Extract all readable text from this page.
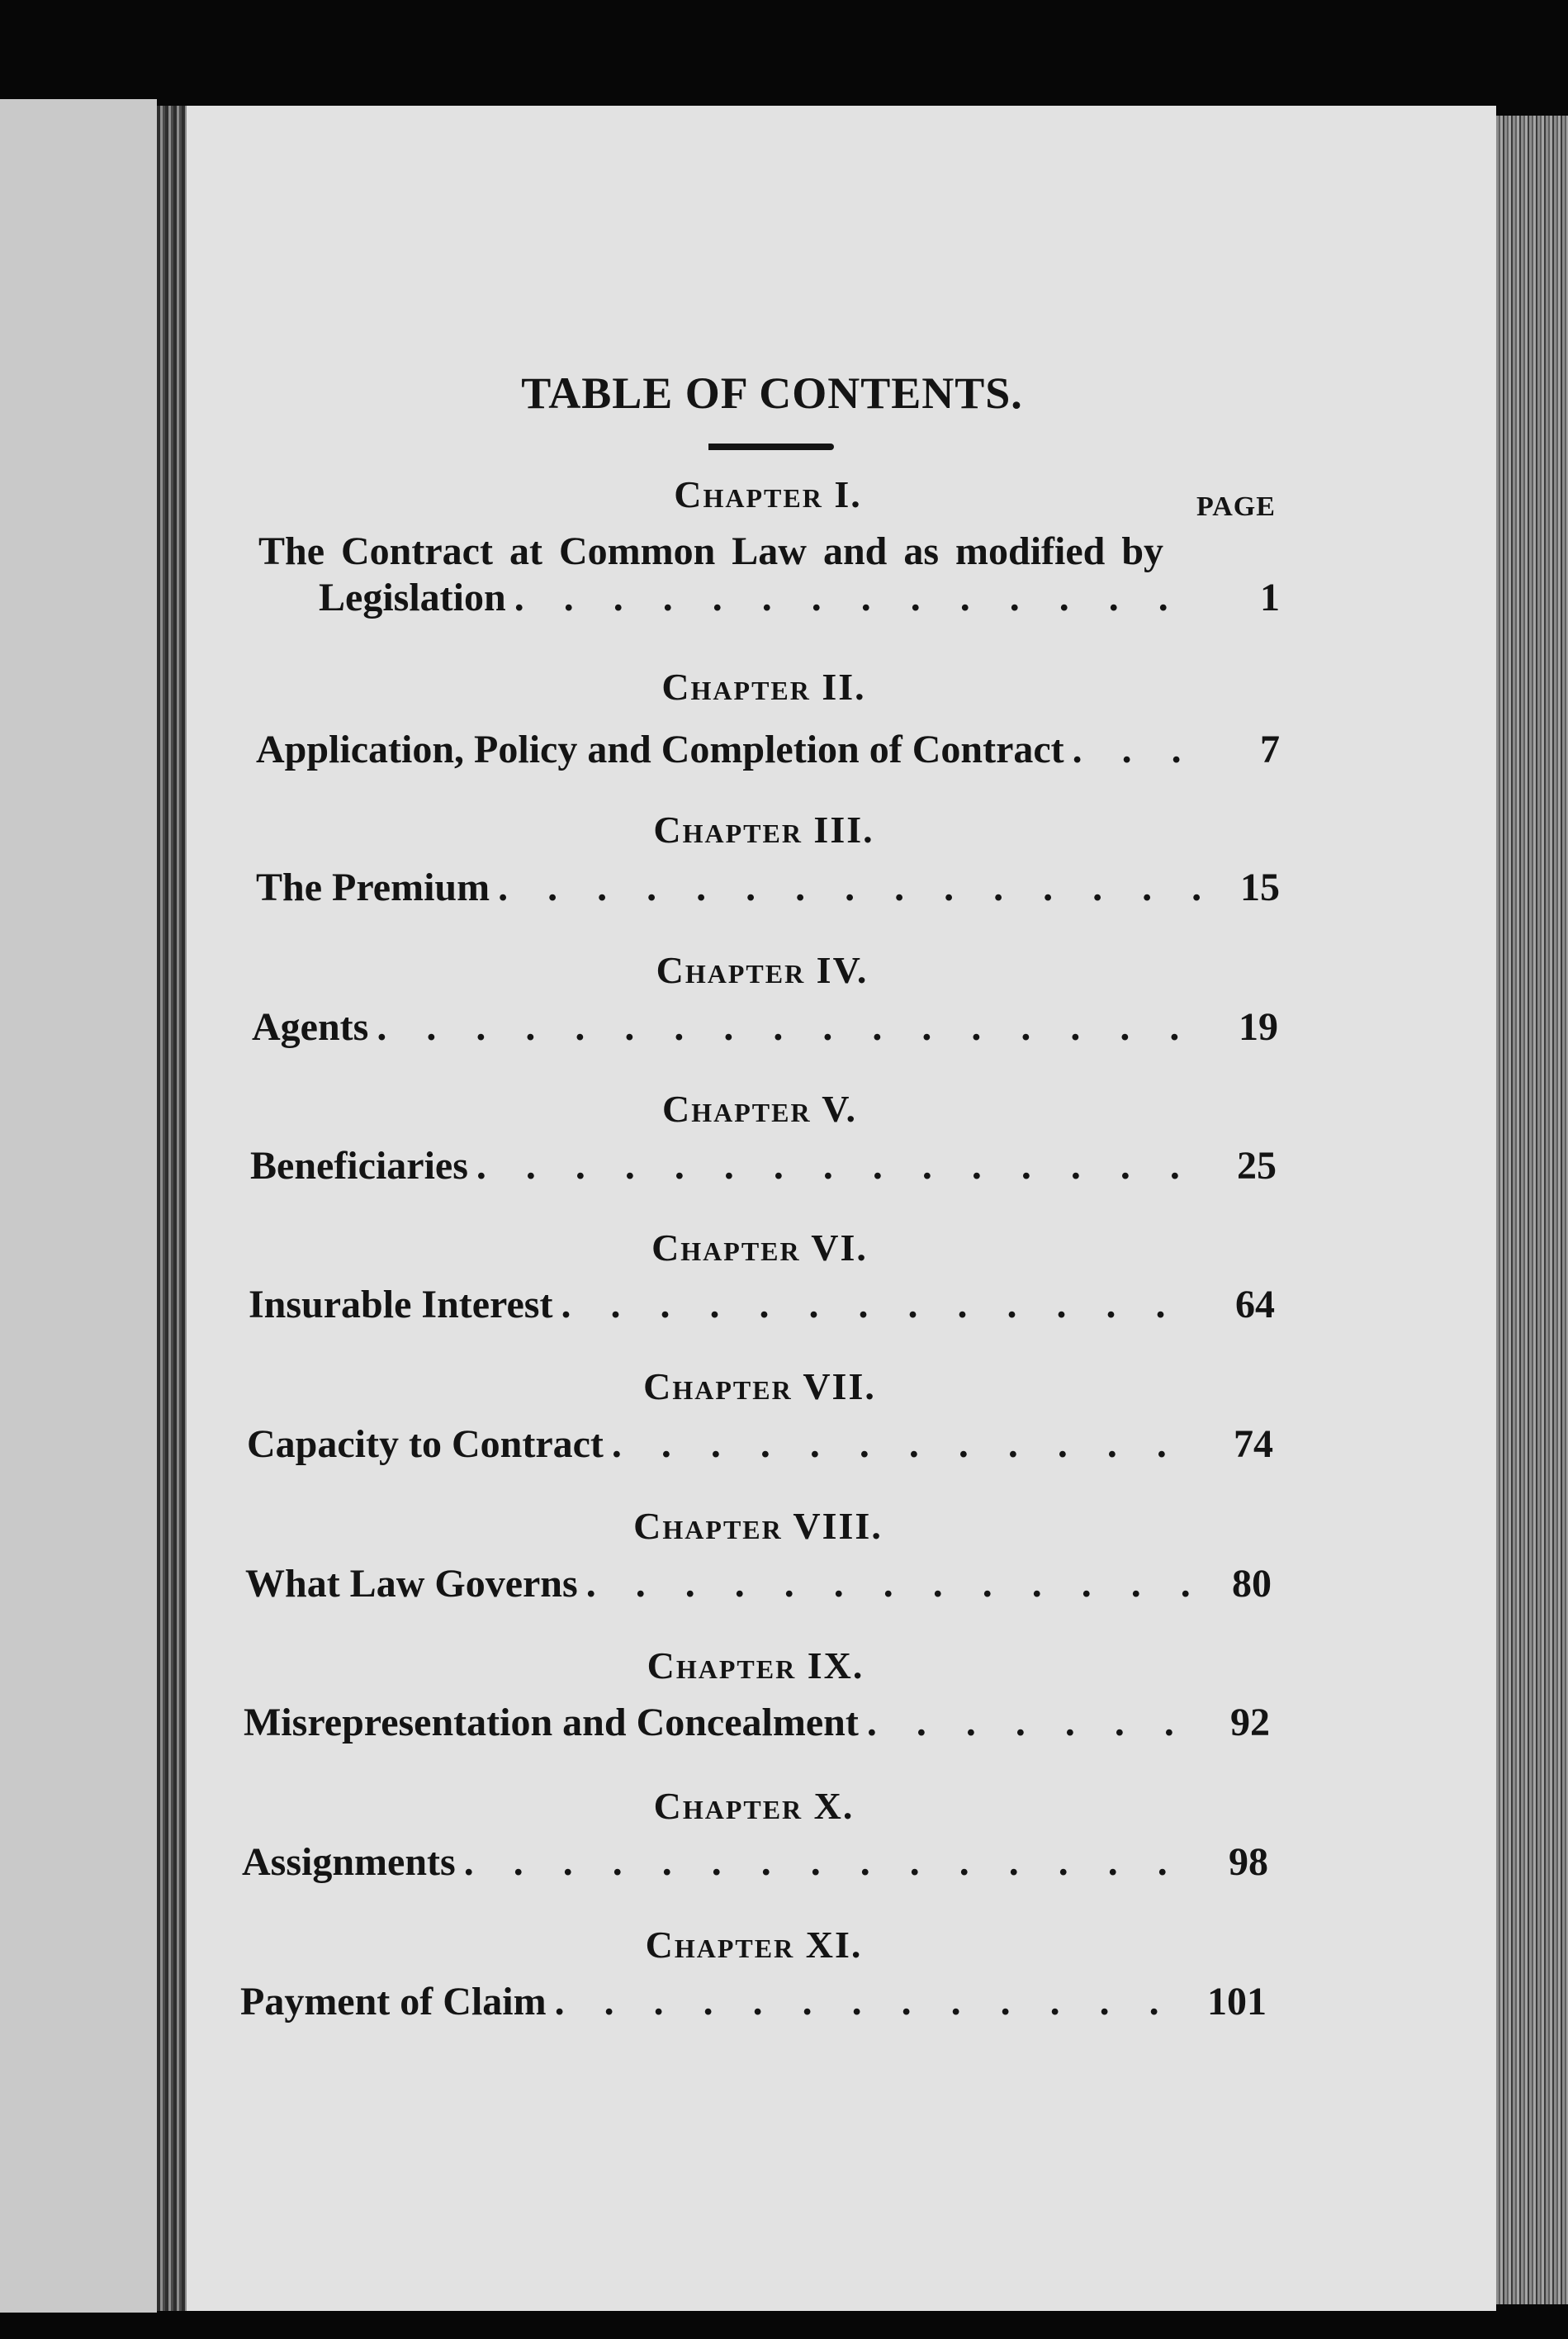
TABLE OF CONTENTS.
PAGE
Chapter I.
The Contract at Common Law and as modified by
Legislation . . .	1
Chapter II.
Application, Policy and Completion of Contract . . .	7
Chapter III.
The Premium . . .	15
Chapter IV.
Agents . . .	19
Chapter V.
Beneficiaries . . .	25
Chapter VI.
Insurable Interest . . .	64
Chapter VII.
Capacity to Contract . . .	74
Chapter VIII.
What Law Governs . . .	80
Chapter IX.
Misrepresentation and Concealment . . .	92
Chapter X.
Assignments . . .	98
Chapter XI.
Payment of Claim . . .	101
